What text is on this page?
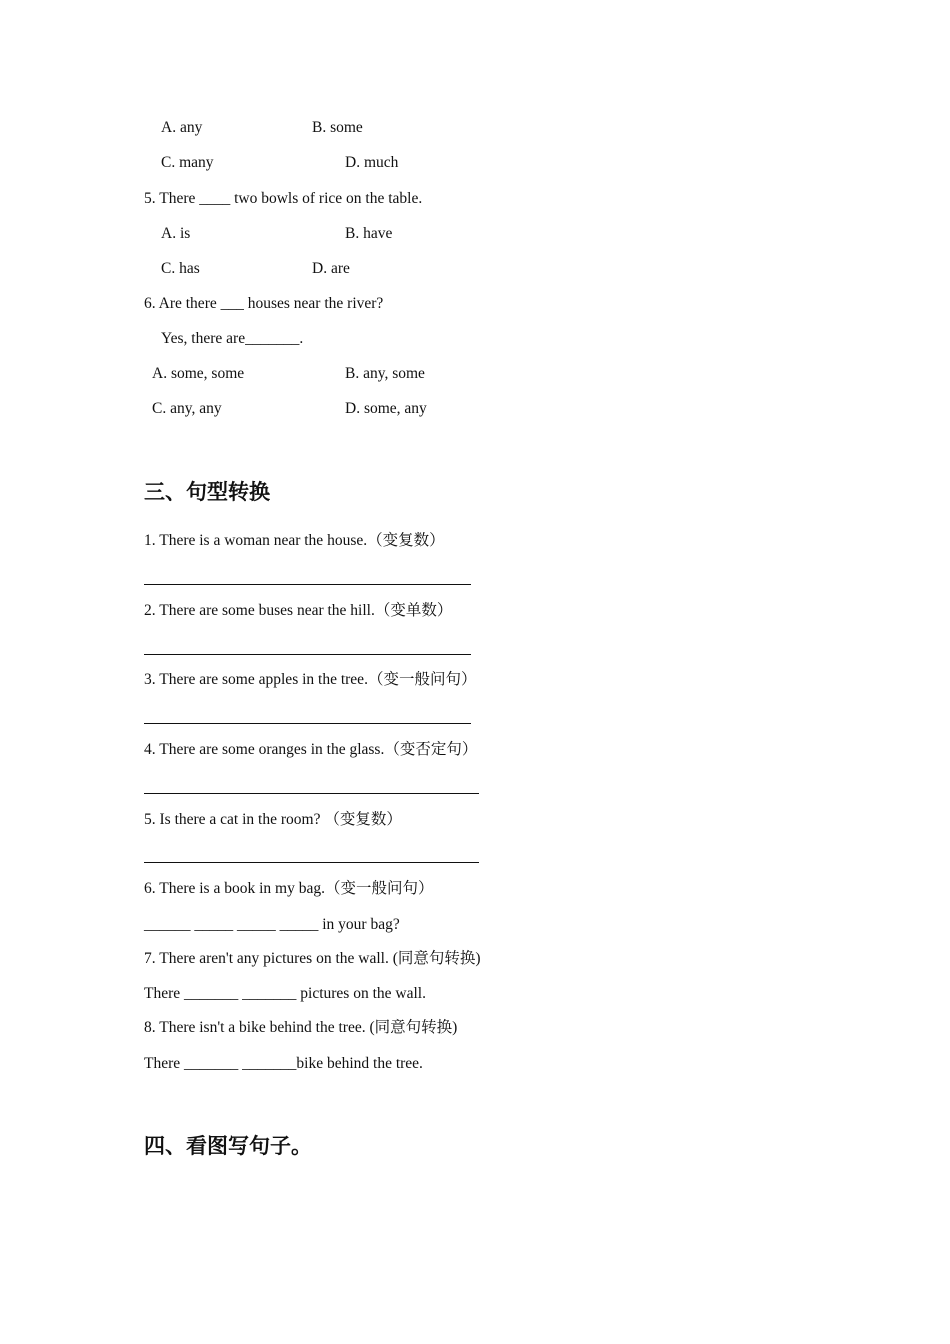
A. any	B. some
C. many	D. much
5. There ____ two bowls of rice on the table.
A. is	B. have
C. has	D. are
6. Are there ___ houses near the river?
Yes, there are_______.
A. some, some	B. any, some
C. any, any	D. some, any
三、句型转换
1. There is a woman near the house.（变复数）
2. There are some buses near the hill.（变单数）
3. There are some apples in the tree.（变一般问句）
4. There are some oranges in the glass.（变否定句）
5. Is there a cat in the room? （变复数）
6. There is a book in my bag.（变一般问句）
______ _____ _____ _____ in your bag?
7. There aren't any pictures on the wall. (同意句转换)
There _______ _______ pictures on the wall.
8. There isn't a bike behind the tree. (同意句转换)
There _______ _______bike behind the tree.
四、看图写句子。
